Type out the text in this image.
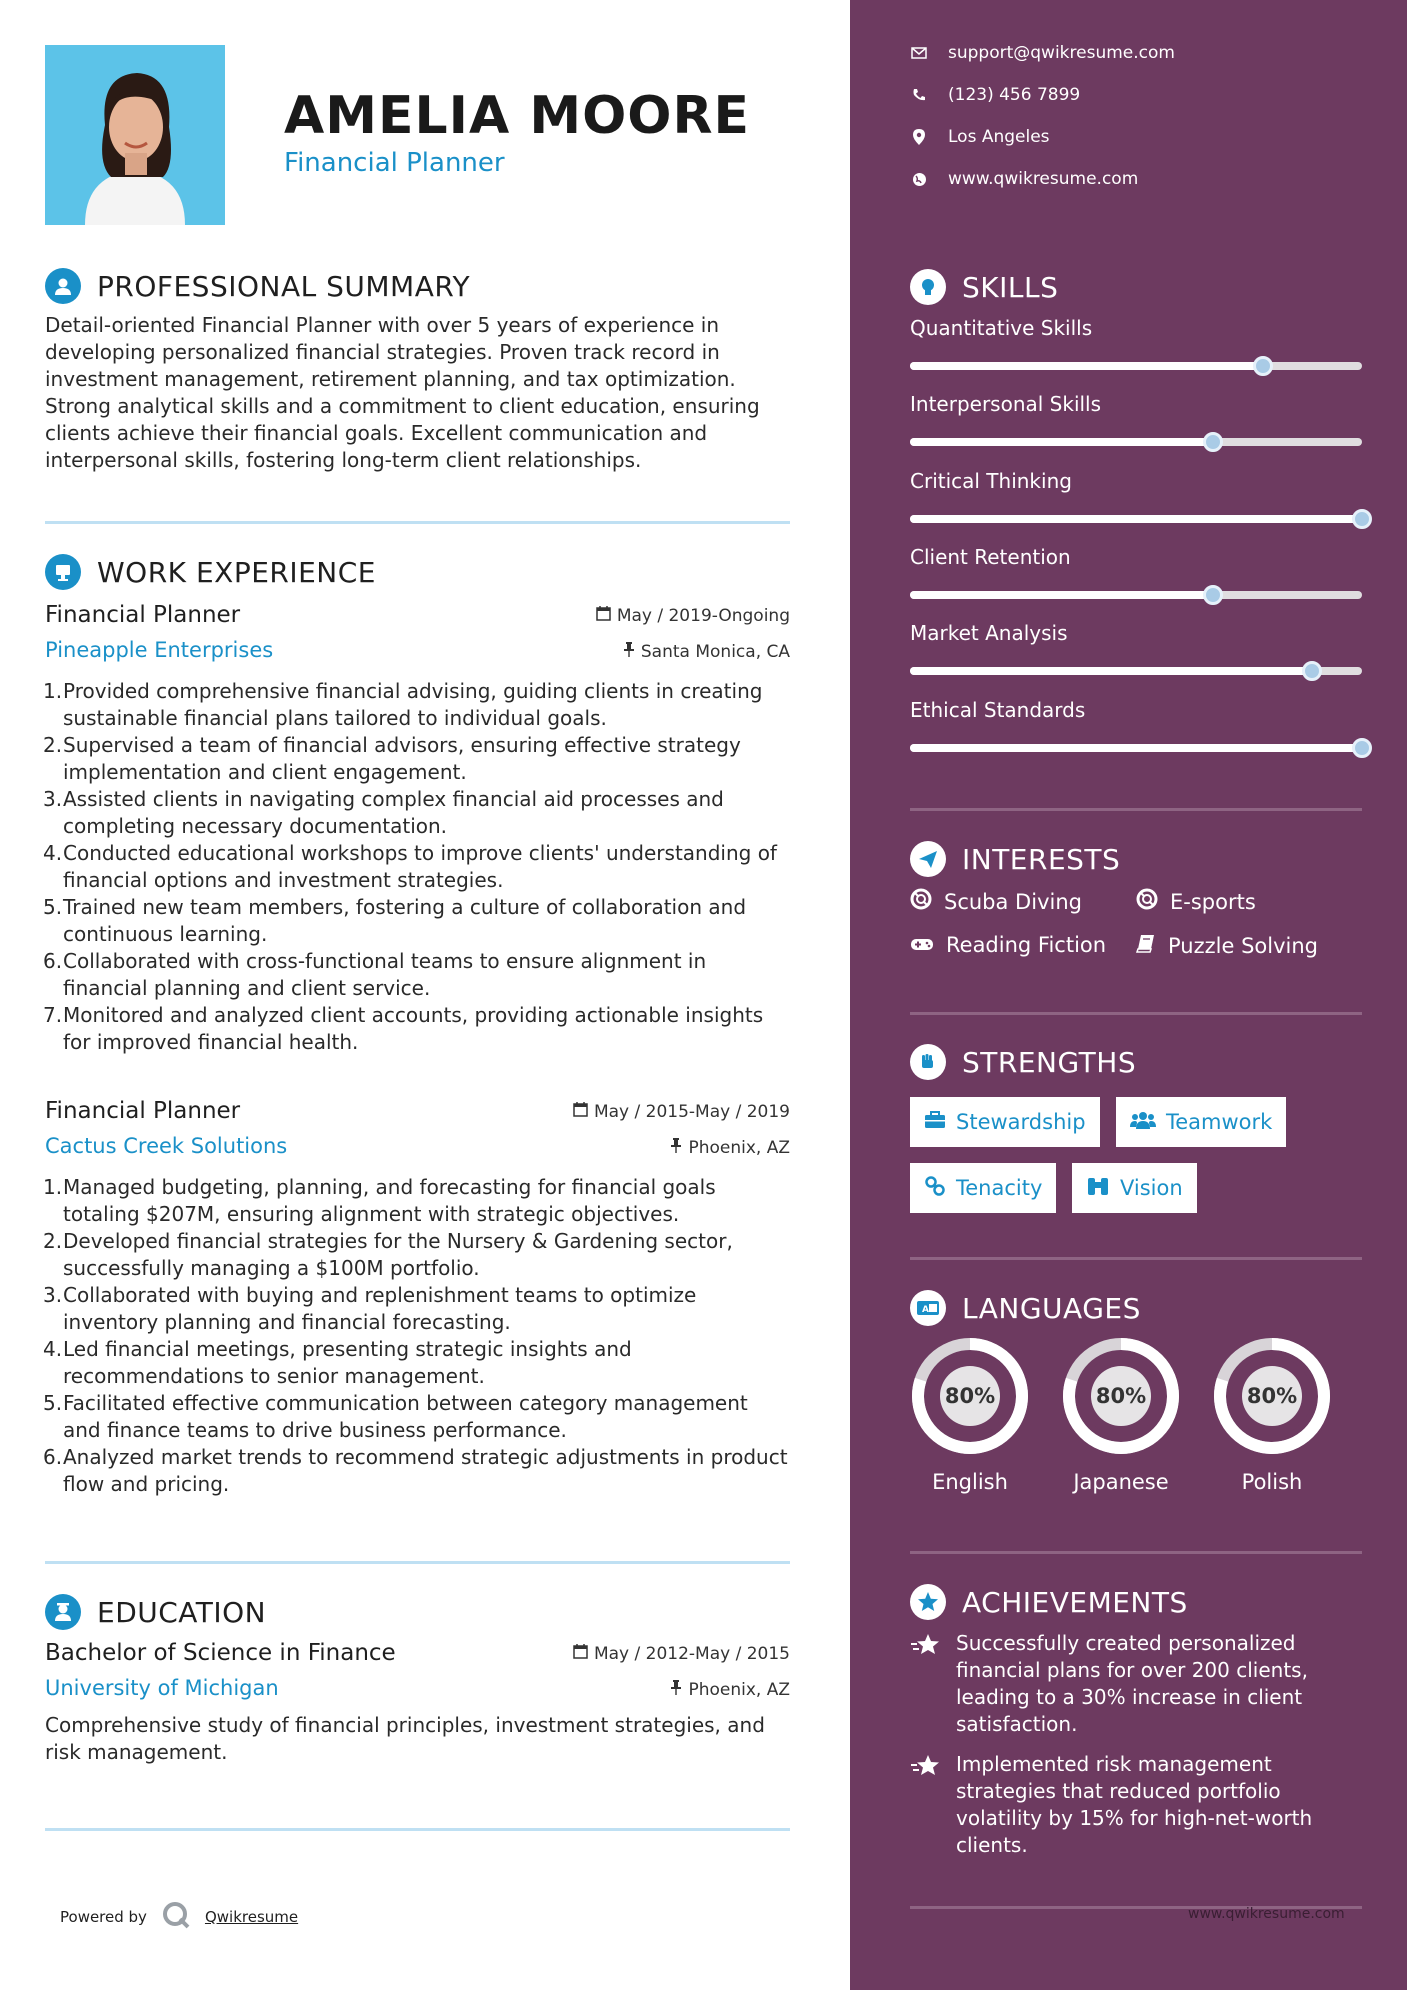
AMELIA MOORE
Financial Planner
PROFESSIONAL SUMMARY
Detail-oriented Financial Planner with over 5 years of experience in developing personalized financial strategies. Proven track record in investment management, retirement planning, and tax optimization. Strong analytical skills and a commitment to client education, ensuring clients achieve their financial goals. Excellent communication and interpersonal skills, fostering long-term client relationships.
WORK EXPERIENCE
Financial Planner	May / 2019-Ongoing
Pineapple Enterprises	Santa Monica, CA
1. Provided comprehensive financial advising, guiding clients in creating sustainable financial plans tailored to individual goals.
2. Supervised a team of financial advisors, ensuring effective strategy implementation and client engagement.
3. Assisted clients in navigating complex financial aid processes and completing necessary documentation.
4. Conducted educational workshops to improve clients' understanding of financial options and investment strategies.
5. Trained new team members, fostering a culture of collaboration and continuous learning.
6. Collaborated with cross-functional teams to ensure alignment in financial planning and client service.
7. Monitored and analyzed client accounts, providing actionable insights for improved financial health.
Financial Planner	May / 2015-May / 2019
Cactus Creek Solutions	Phoenix, AZ
1. Managed budgeting, planning, and forecasting for financial goals totaling $207M, ensuring alignment with strategic objectives.
2. Developed financial strategies for the Nursery & Gardening sector, successfully managing a $100M portfolio.
3. Collaborated with buying and replenishment teams to optimize inventory planning and financial forecasting.
4. Led financial meetings, presenting strategic insights and recommendations to senior management.
5. Facilitated effective communication between category management and finance teams to drive business performance.
6. Analyzed market trends to recommend strategic adjustments in product flow and pricing.
EDUCATION
Bachelor of Science in Finance	May / 2012-May / 2015
University of Michigan	Phoenix, AZ
Comprehensive study of financial principles, investment strategies, and risk management.
Powered by	Qwikresume
support@qwikresume.com
(123) 456 7899
Los Angeles
www.qwikresume.com
SKILLS
Quantitative Skills
Interpersonal Skills
Critical Thinking
Client Retention
Market Analysis
Ethical Standards
INTERESTS
Scuba Diving	E-sports
Reading Fiction	Puzzle Solving
STRENGTHS
Stewardship	Teamwork
Tenacity	Vision
A LANGUAGES
80%
English
80%
Japanese
80%
Polish
ACHIEVEMENTS
Successfully created personalized financial plans for over 200 clients, leading to a 30% increase in client satisfaction.
Implemented risk management strategies that reduced portfolio volatility by 15% for high-net-worth clients.
www.qwikresume.com
